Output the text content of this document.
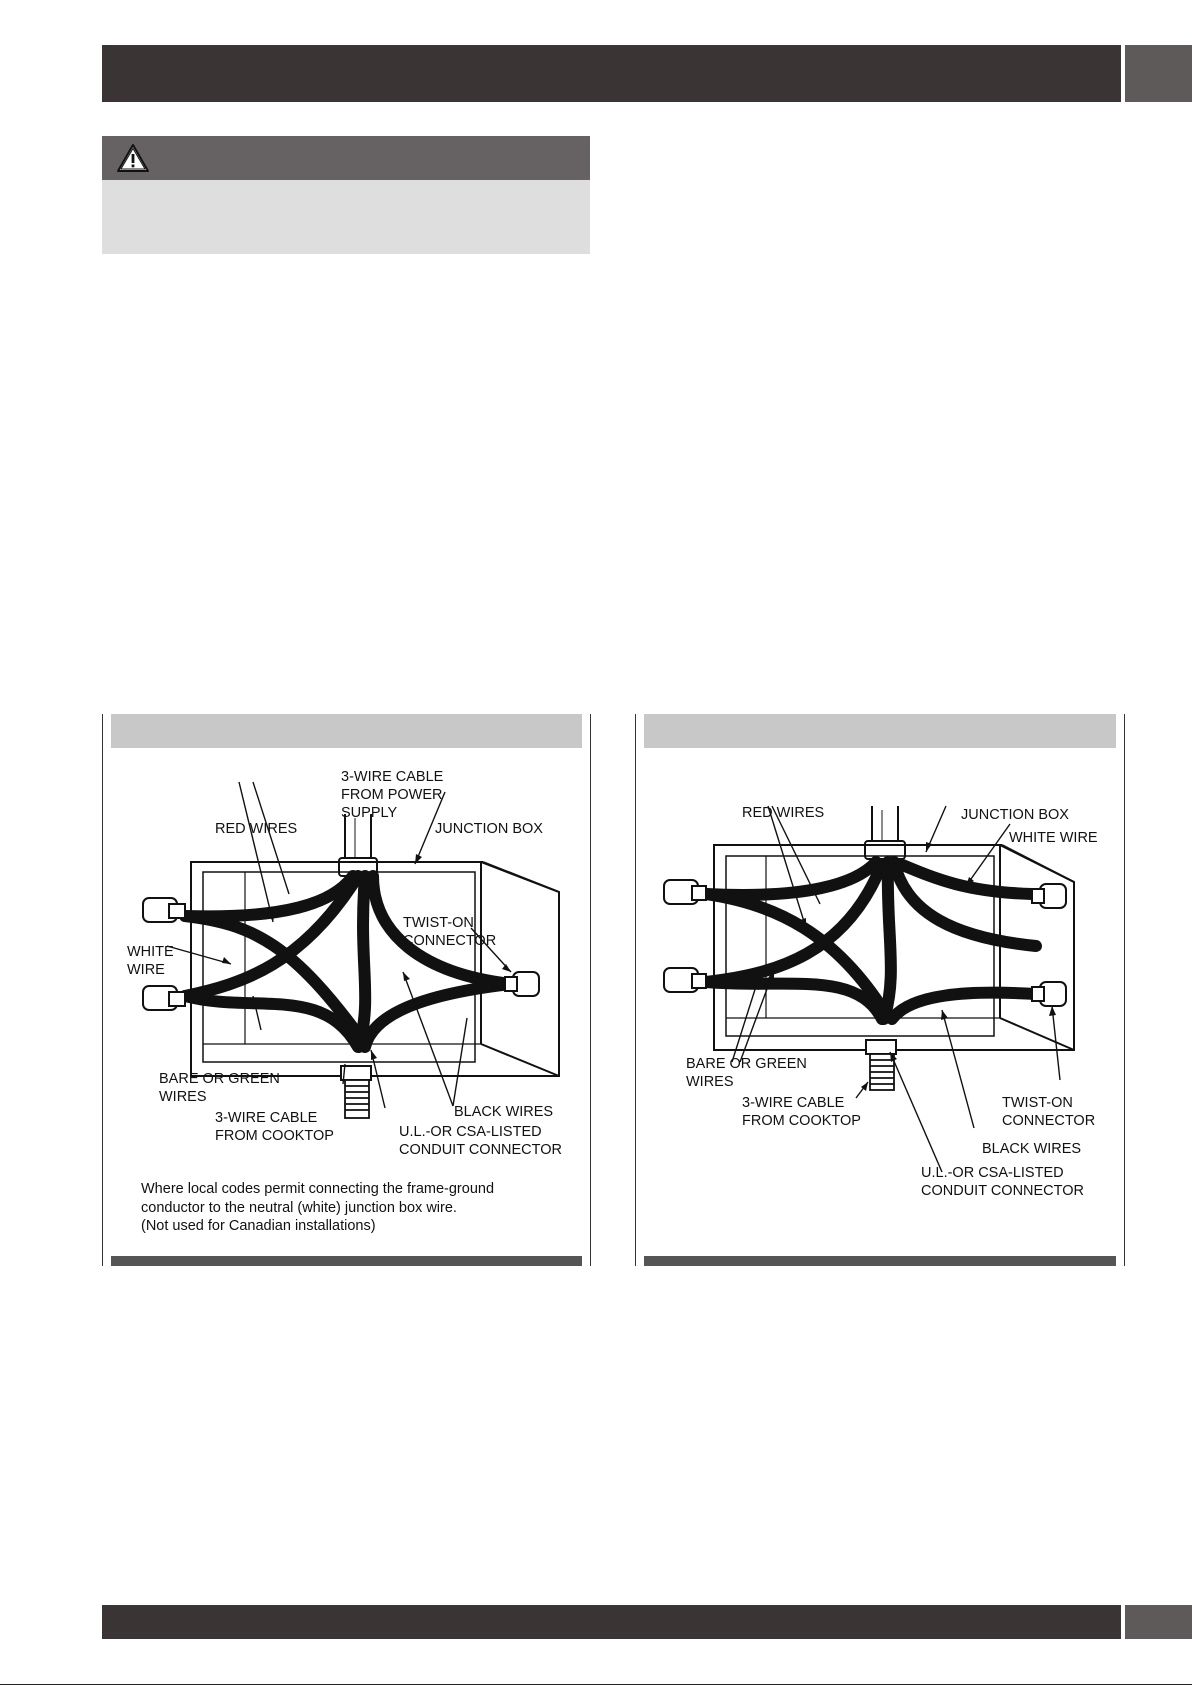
3-WIRE CABLE
FROM POWER
SUPPLY
RED WIRES	JUNCTION BOX
TWIST-ON
CONNECTOR
WHITE
WIRE
BARE OR GREEN
WIRES
3-WIRE CABLE
FROM COOKTOP
BLACK WIRES
U.L.-OR CSA-LISTED
CONDUIT CONNECTOR
Where local codes permit connecting the frame-ground
conductor to the neutral (white) junction box wire.
(Not used for Canadian installations)
RED WIRES	JUNCTION BOX
WHITE WIRE
BARE OR GREEN
WIRES
3-WIRE CABLE
FROM COOKTOP
TWIST-ON
CONNECTOR
BLACK WIRES
U.L.-OR CSA-LISTED
CONDUIT CONNECTOR
